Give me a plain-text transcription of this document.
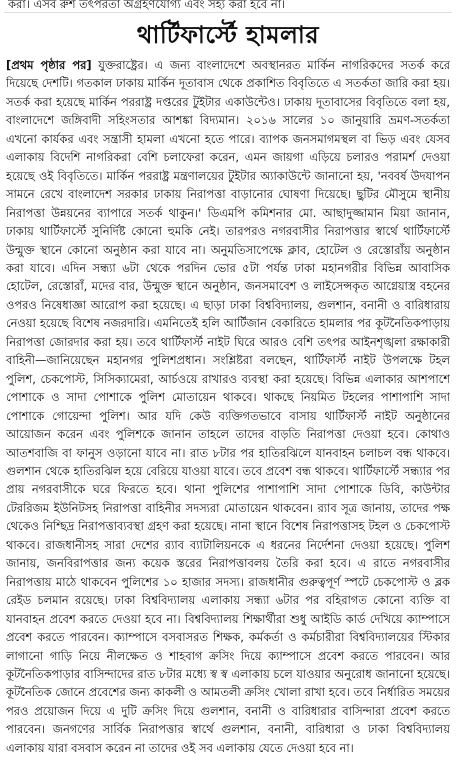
করা। এসব রুশ তৎপরতা অগ্রহণযোগ্য এবং সহ্য করা হবে না।
থার্টিফার্স্টে হামলার
[প্রথম পৃষ্ঠার পর] যুক্তরাষ্ট্রের। এ জন্য বাংলাদেশে অবস্থানরত মার্কিন নাগরিকদের সতর্ক করে দিয়েছে দেশটি। গতকাল ঢাকায় মার্কিন দূতাবাস থেকে প্রকাশিত বিবৃতিতে এ সতর্কতা জারি করা হয়। সতর্ক করা হয়েছে মার্কিন পররাষ্ট্র দপ্তরের টুইটার একাউন্টেও। ঢাকায় দূতাবাসের বিবৃতিতে বলা হয়, বাংলাদেশে জঙ্গিবাদী সহিংসতার আশঙ্কা বিদ্যমান। ২০১৬ সালের ১০ জানুয়ারি ভ্রমণ-সতর্কতা এখনো কার্যকর এবং সন্ত্রাসী হামলা এখনো হতে পারে। ব্যাপক জনসমাগমস্থল বা ভিড় এবং যেসব এলাকায় বিদেশি নাগরিকরা বেশি চলাফেরা করেন, এমন জায়গা এড়িয়ে চলারও পরামর্শ দেওয়া হয়েছে ওই বিবৃতিতে। মার্কিন পররাষ্ট্র মন্ত্রণালয়ের টুইটার অ্যাকাউন্টে জানানো হয়, 'নববর্ষ উদযাপন সামনে রেখে বাংলাদেশ সরকার ঢাকায় নিরাপত্তা বাড়ানোর ঘোষণা দিয়েছে। ছুটির মৌসুমে স্থানীয় নিরাপত্তা উন্নয়নের ব্যাপারে সতর্ক থাকুন।' ডিএমপি কমিশনার মো. আছাদুজ্জামান মিয়া জানান, ঢাকায় থার্টিফার্স্টে সুনির্দিষ্ট কোনো হুমকি নেই। তারপরও নগরবাসীর নিরাপত্তার স্বার্থে থার্টিফার্স্টে উন্মুক্ত স্থানে কোনো অনুষ্ঠান করা যাবে না। অনুমতিসাপেক্ষে ক্লাব, হোটেল ও রেস্তোরাঁয় অনুষ্ঠান করা যাবে। এদিন সন্ধ্যা ৬টা থেকে পরদিন ভোর ৫টা পর্যন্ত ঢাকা মহানগরীর বিভিন্ন আবাসিক হোটেল, রেস্তোরাঁ, মদের বার, উন্মুক্ত স্থানে অনুষ্ঠান, জনসমাবেশ ও লাইসেন্সকৃত আগ্নেয়াস্ত্র বহনের ওপরও নিষেধাজ্ঞা আরোপ করা হয়েছে। এ ছাড়া ঢাকা বিশ্ববিদ্যালয়, গুলশান, বনানী ও বারিধারায় নেওয়া হয়েছে বিশেষ নজরদারি। এমনিতেই হলি আর্টিজান বেকারিতে হামলার পর কূটনৈতিকপাড়ায় নিরাপত্তা জোরদার করা হয়। তবে থার্টিফার্স্ট নাইট ঘিরে আরও বেশি তৎপর আইনশৃঙ্খলা রক্ষাকারী বাহিনী—জানিয়েছেন মহানগর পুলিশপ্রধান। সংশ্লিষ্টরা বলছেন, থার্টিফার্স্ট নাইট উপলক্ষে টহল পুলিশ, চেকপোস্ট, সিসিক্যামেরা, আর্চওয়ে রাখারও ব্যবস্থা করা হয়েছে। বিভিন্ন এলাকার আশপাশে পোশাকে ও সাদা পোশাকে পুলিশ মোতায়েন থাকবে। থাকছে নিয়মিত টহলের পাশাপাশি সাদা পোশাকে গোয়েন্দা পুলিশ। আর যদি কেউ ব্যক্তিগতভাবে বাসায় থার্টিফার্স্ট নাইট অনুষ্ঠানের আয়োজন করেন এবং পুলিশকে জানান তাহলে তাদের বাড়তি নিরাপত্তা দেওয়া হবে। কোথাও আতশবাজি বা ফানুস ওড়ানো যাবে না। রাত ৮টার পর হাতিরঝিলে যানবাহন চলাচল বন্ধ থাকবে। গুলশান থেকে হাতিরঝিল হয়ে বেরিয়ে যাওয়া যাবে। তবে প্রবেশ বন্ধ থাকবে। থার্টিফার্স্টে সন্ধ্যার পর প্রায় নগরবাসীকে ঘরে ফিরতে হবে। থানা পুলিশের পাশাপাশি সাদা পোশাকে ডিবি, কাউন্টার টেররিজম ইউনিটসহ নিরাপত্তা বাহিনীর সদস্যরা মোতায়েন থাকবেন। র‍্যাব সূত্র জানায়, তাদের পক্ষ থেকেও নিশ্ছিদ্র নিরাপত্তাব্যবস্থা গ্রহণ করা হয়েছে। নানা স্থানে বিশেষ নিরাপত্তাসহ টহল ও চেকপোস্ট থাকবে। রাজধানীসহ সারা দেশের র‍্যাব ব্যাটালিয়নকে এ ধরনের নির্দেশনা দেওয়া হয়েছে। পুলিশ জানায়, জনবিরাপত্তার জন্য কয়েক স্তরের নিরাপত্তাবলয় তৈরি করা হবে। এ রাতে নগরবাসীর নিরাপত্তায় মাঠে থাকবেন পুলিশের ১০ হাজার সদস্য। রাজধানীর গুরুত্বপূর্ণ স্পটে চেকপোস্ট ও ব্লক রেইড চলমান রয়েছে। ঢাকা বিশ্ববিদ্যালয় এলাকায় সন্ধ্যা ৬টার পর বহিরাগত কোনো ব্যক্তি বা যানবাহন প্রবেশ করতে দেওয়া হবে না। বিশ্ববিদ্যালয় শিক্ষার্থীরা শুধু আইডি কার্ড দেখিয়ে ক্যাম্পাসে প্রবেশ করতে পারবেন। ক্যাম্পাসে বসবাসরত শিক্ষক, কর্মকর্তা ও কর্মচারীরা বিশ্ববিদ্যালয়ের স্টিকার লাগানো গাড়ি নিয়ে নীলক্ষেত ও শাহবাগ ক্রসিং দিয়ে ক্যাম্পাসে প্রবেশ করতে পারবেন। আর কূটনৈতিকপাড়ার বাসিন্দাদের রাত ৮টার মধ্যে স্ব স্ব এলাকায় চলে যাওয়ার অনুরোধ জানানো হয়েছে। কূটনৈতিক জোনে প্রবেশের জন্য কাকলী ও আমতলী ক্রসিং খোলা রাখা হবে। তবে নির্ধারিত সময়ের পরও প্রয়োজন দিয়ে এ দুটি ক্রসিং দিয়ে গুলশান, বনানী ও বারিধারার বাসিন্দারা প্রবেশ করতে পারবেন। জনগণের সার্বিক নিরাপত্তার স্বার্থে গুলশান, বনানী, বারিধারা ও ঢাকা বিশ্ববিদ্যালয় এলাকায় যারা বসবাস করেন না তাদের ওই সব এলাকায় যেতে দেওয়া হবে না।
